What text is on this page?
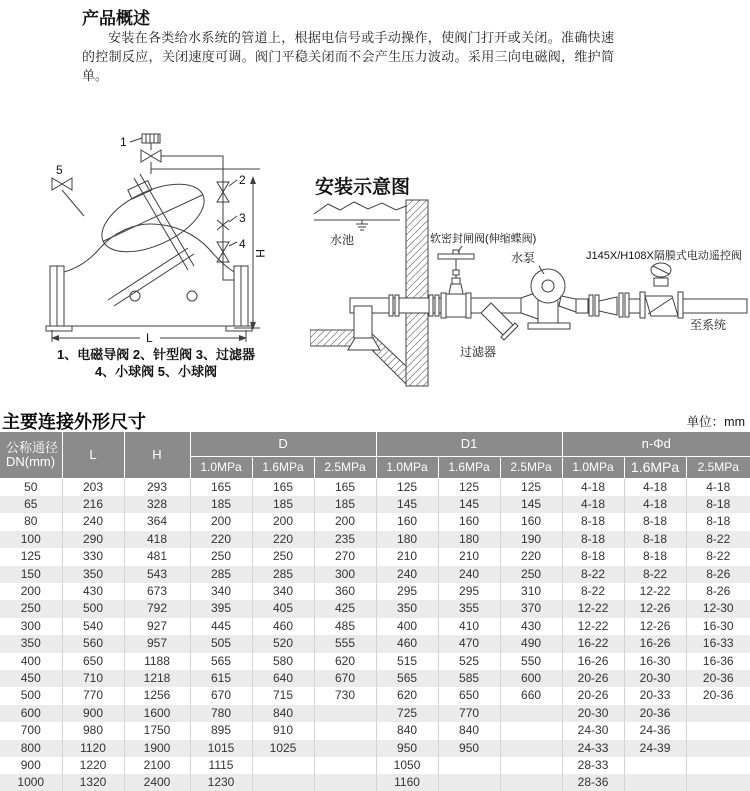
产品概述

安装在各类给水系统的管道上，根据电信号或手动操作，使阀门打开或关闭。准确快速的控制反应，关闭速度可调。阀门平稳关闭而不会产生压力波动。采用三向电磁阀，维护简单。

1
5
2
3
4
H
L
1、电磁导阀 2、针型阀 3、过滤器
4、小球阀 5、小球阀
安装示意图
水池	软密封闸阀(伸缩蝶阀)
过滤器
水泵	J145X/H108X隔膜式电动遥控阀
至系统
主要连接外形尺寸	单位：mm
公称通径
DN(mm)	L	H	D			D1			n-Φd		
			1.0MPa	1.6MPa	2.5MPa	1.0MPa	1.6MPa	2.5MPa	1.0MPa	1.6MPa	2.5MPa
50	203	293	165	165	165	125	125	125	4-18	4-18	4-18
65	216	328	185	185	185	145	145	145	4-18	4-18	8-18
80	240	364	200	200	200	160	160	160	8-18	8-18	8-18
100	290	418	220	220	235	180	180	190	8-18	8-18	8-22
125	330	481	250	250	270	210	210	220	8-18	8-18	8-22
150	350	543	285	285	300	240	240	250	8-22	8-22	8-26
200	430	673	340	340	360	295	295	310	8-22	12-22	8-26
250	500	792	395	405	425	350	355	370	12-22	12-26	12-30
300	540	927	445	460	485	400	410	430	12-22	12-26	16-30
350	560	957	505	520	555	460	470	490	16-22	16-26	16-33
400	650	1188	565	580	620	515	525	550	16-26	16-30	16-36
450	710	1218	615	640	670	565	585	600	20-26	20-30	20-36
500	770	1256	670	715	730	620	650	660	20-26	20-33	20-36
600	900	1600	780	840		725	770		20-30	20-36	
700	980	1750	895	910		840	840		24-30	24-36	
800	1120	1900	1015	1025		950	950		24-33	24-39	
900	1220	2100	1115			1050			28-33		
1000	1320	2400	1230			1160			28-36		
